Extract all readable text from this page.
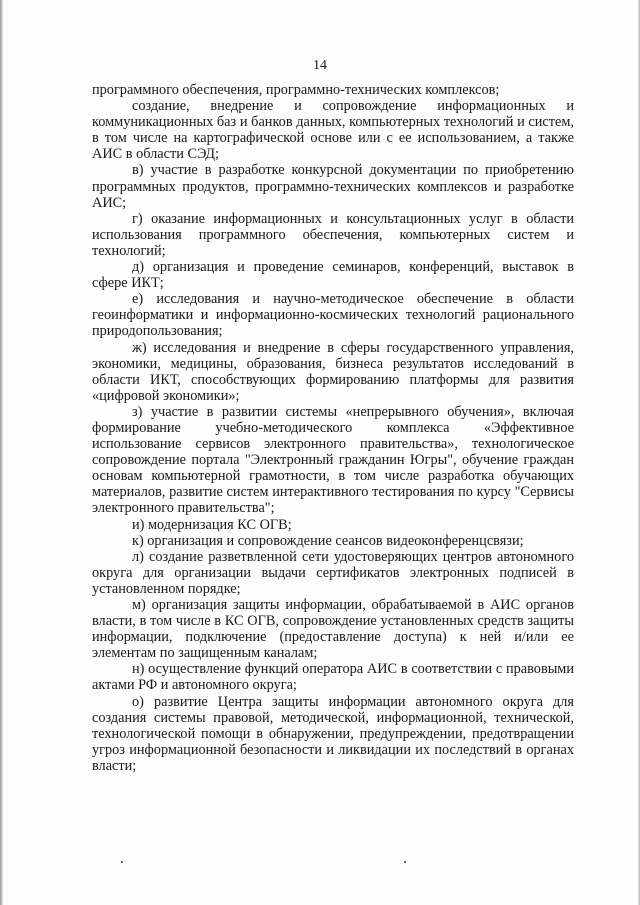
14

программного обеспечения, программно-технических комплексов;

создание, внедрение и сопровождение информационных и коммуникационных баз и банков данных, компьютерных технологий и систем, в том числе на картографической основе или с ее использованием, а также АИС в области СЭД;

в) участие в разработке конкурсной документации по приобретению программных продуктов, программно-технических комплексов и разработке АИС;

г) оказание информационных и консультационных услуг в области использования программного обеспечения, компьютерных систем и технологий;

д) организация и проведение семинаров, конференций, выставок в сфере ИКТ;

е) исследования и научно-методическое обеспечение в области геоинформатики и информационно-космических технологий рационального природопользования;

ж) исследования и внедрение в сферы государственного управления, экономики, медицины, образования, бизнеса результатов исследований в области ИКТ, способствующих формированию платформы для развития «цифровой экономики»;

з) участие в развитии системы «непрерывного обучения», включая формирование учебно-методического комплекса «Эффективное использование сервисов электронного правительства», технологическое сопровождение портала "Электронный гражданин Югры", обучение граждан основам компьютерной грамотности, в том числе разработка обучающих материалов, развитие систем интерактивного тестирования по курсу "Сервисы электронного правительства";

и) модернизация КС ОГВ;

к) организация и сопровождение сеансов видеоконференцсвязи;

л) создание разветвленной сети удостоверяющих центров автономного округа для организации выдачи сертификатов электронных подписей в установленном порядке;

м) организация защиты информации, обрабатываемой в АИС органов власти, в том числе в КС ОГВ, сопровождение установленных средств защиты информации, подключение (предоставление доступа) к ней и/или ее элементам по защищенным каналам;

н) осуществление функций оператора АИС в соответствии с правовыми актами РФ и автономного округа;

о) развитие Центра защиты информации автономного округа для создания системы правовой, методической, информационной, технической, технологической помощи в обнаружении, предупреждении, предотвращении угроз информационной безопасности и ликвидации их последствий в органах власти;
